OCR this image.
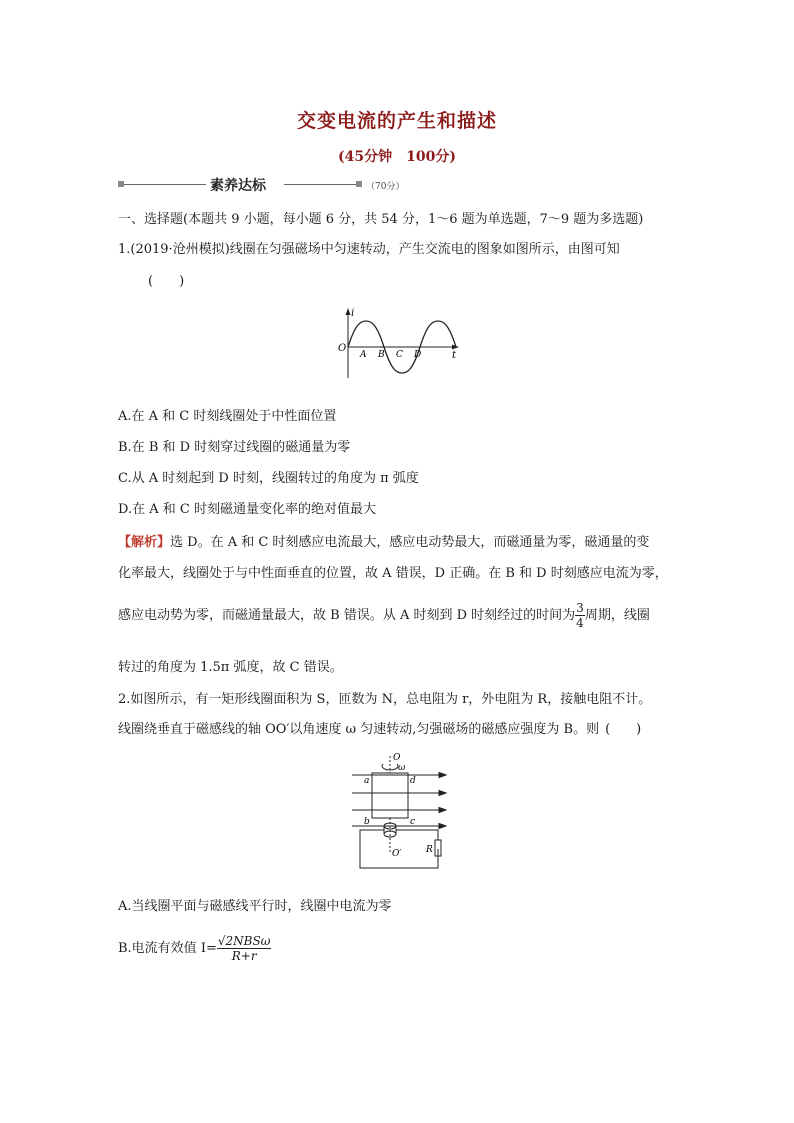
交变电流的产生和描述
(45分钟　100分)
素养达标	（70分）
一、选择题(本题共 9 小题，每小题 6 分，共 54 分，1～6 题为单选题，7～9 题为多选题)
1.(2019·沧州模拟)线圈在匀强磁场中匀速转动，产生交流电的图象如图所示，由图可知
(　　)
i
t
O
A B C D
A.在 A 和 C 时刻线圈处于中性面位置
B.在 B 和 D 时刻穿过线圈的磁通量为零
C.从 A 时刻起到 D 时刻，线圈转过的角度为 π 弧度
D.在 A 和 C 时刻磁通量变化率的绝对值最大
【解析】选 D。在 A 和 C 时刻感应电流最大，感应电动势最大，而磁通量为零，磁通量的变
化率最大，线圈处于与中性面垂直的位置，故 A 错误，D 正确。在 B 和 D 时刻感应电流为零，
感应电动势为零，而磁通量最大，故 B 错误。从 A 时刻到 D 时刻经过的时间为 $\frac{3}{4}$ 周期，线圈
转过的角度为 1.5π 弧度，故 C 错误。
2.如图所示，有一矩形线圈面积为 S，匝数为 N，总电阻为 r，外电阻为 R，接触电阻不计。
线圈绕垂直于磁感线的轴 OO′以角速度 ω 匀速转动,匀强磁场的磁感应强度为 B。则 (　　)
O
ω
a	d
b	c
O′	R
A.当线圈平面与磁感线平行时，线圈中电流为零
B.电流有效值 $I= \frac{\text{√2NBSω}}{R+r}$
